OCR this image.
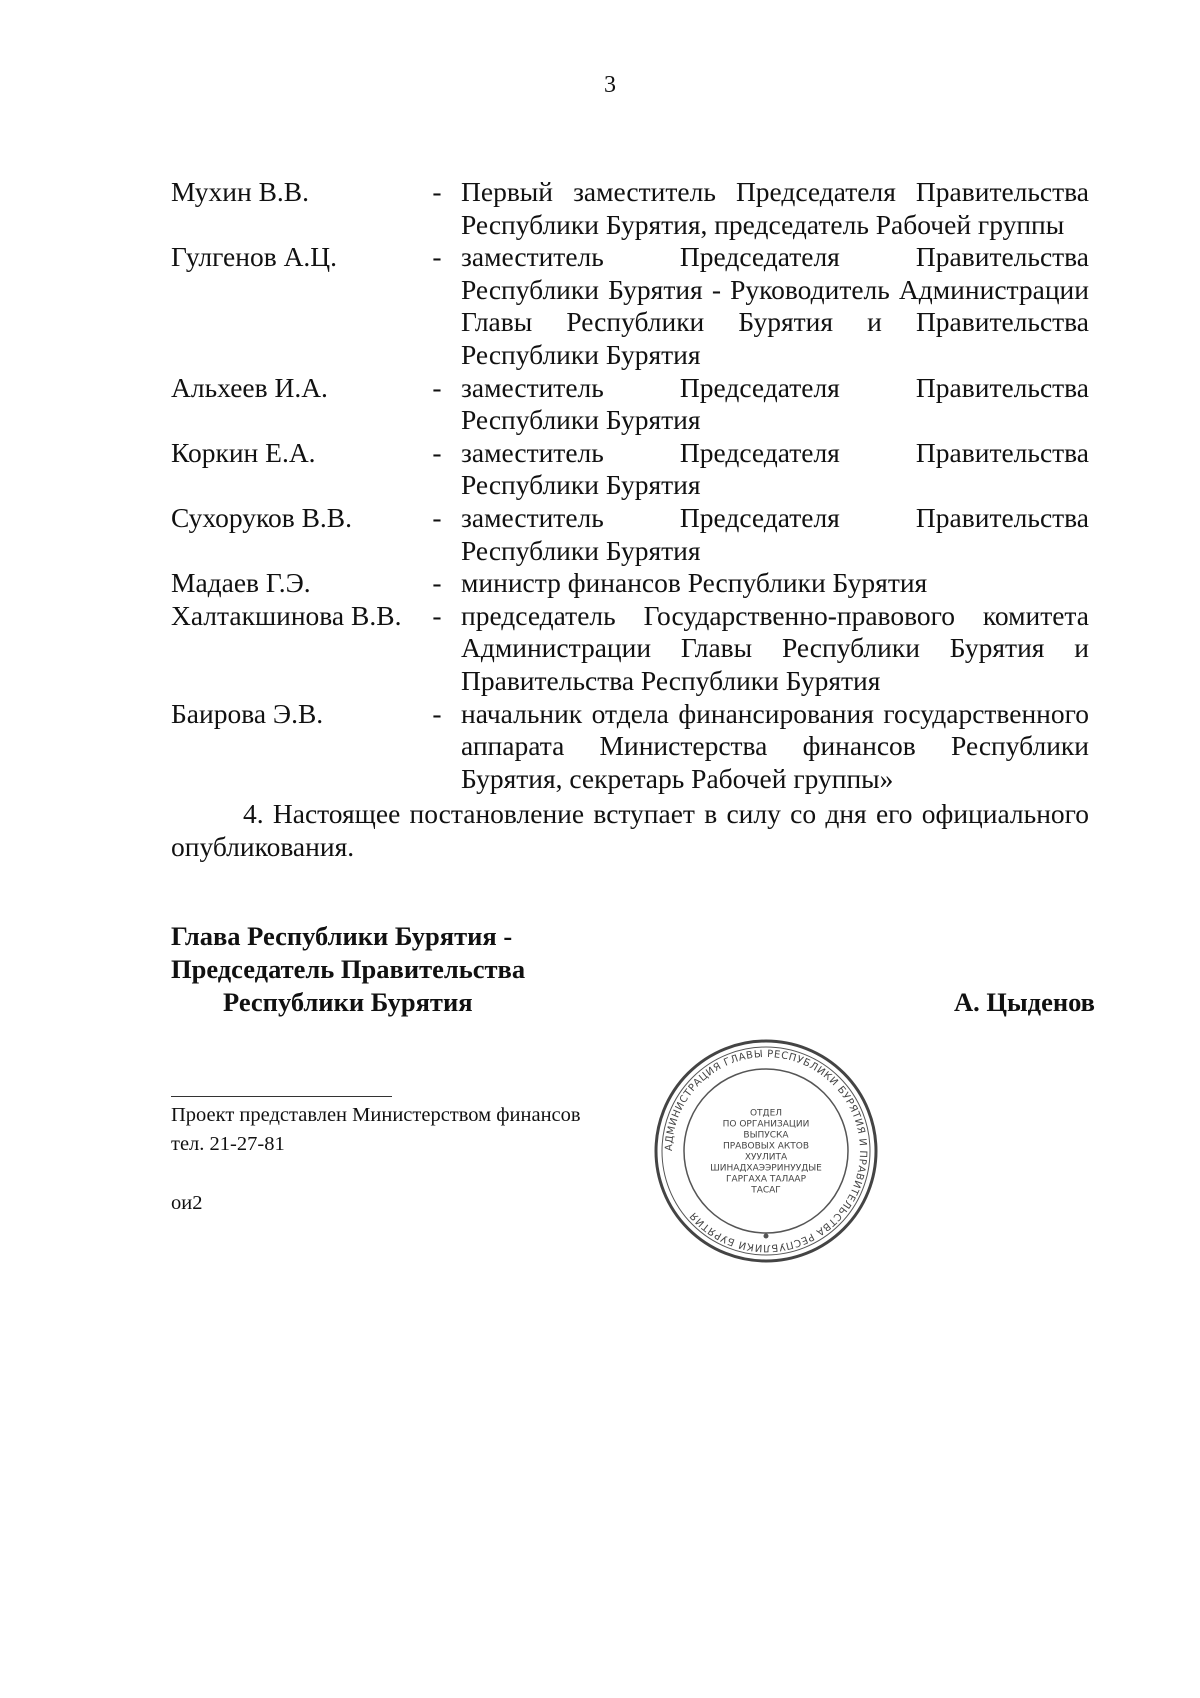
3
Мухин В.В.	- Первый заместитель Председателя Правительства Республики Бурятия, председатель Рабочей группы
Гулгенов А.Ц.	- заместитель Председателя Правительства Республики Бурятия - Руководитель Администрации Главы Республики Бурятия и Правительства Республики Бурятия
Альхеев И.А.	- заместитель Председателя Правительства Республики Бурятия
Коркин Е.А.	- заместитель Председателя Правительства Республики Бурятия
Сухоруков В.В.	- заместитель Председателя Правительства Республики Бурятия
Мадаев Г.Э.	- министр финансов Республики Бурятия
Халтакшинова В.В.	- председатель Государственно-правового комитета Администрации Главы Республики Бурятия и Правительства Республики Бурятия
Баирова Э.В.	- начальник отдела финансирования государственного аппарата Министерства финансов Республики Бурятия, секретарь Рабочей группы»
4. Настоящее постановление вступает в силу со дня его официального опубликования.
Глава Республики Бурятия -
Председатель Правительства
Республики Бурятия	А. Цыденов
Проект представлен Министерством финансов
тел. 21-27-81
ои2
АДМИНИСТРАЦИЯ ГЛАВЫ РЕСПУБЛИКИ БУРЯТИЯ И ПРАВИТЕЛЬСТВА РЕСПУБЛИКИ БУРЯТИЯ
ОТДЕЛ
ПО ОРГАНИЗАЦИИ
ВЫПУСКА
ПРАВОВЫХ АКТОВ
ХУУЛИТА
ШИНАДХАЭЭРИНУУДЫЕ
ГАРГАХА ТАЛААР
ТАСАГ
